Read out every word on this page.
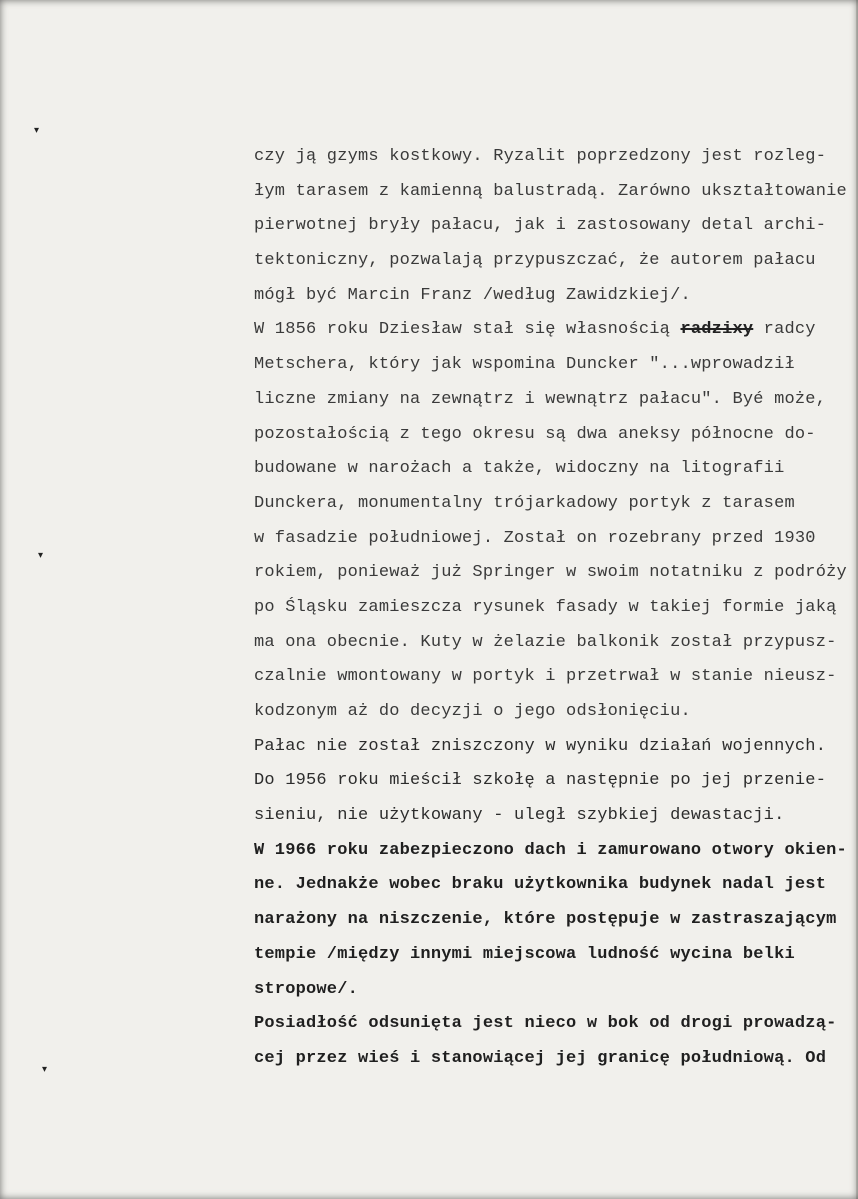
▾
▾
▾
czy ją gzyms kostkowy. Ryzalit poprzedzony jest rozleg-
łym tarasem z kamienną balustradą. Zarówno ukształtowanie
pierwotnej bryły pałacu, jak i zastosowany detal archi-
tektoniczny, pozwalają przypuszczać, że autorem pałacu
mógł być Marcin Franz /według Zawidzkiej/.
W 1856 roku Dziesław stał się własnością radzixy radcy
Metschera, który jak wspomina Duncker "...wprowadził
liczne zmiany na zewnątrz i wewnątrz pałacu". Byé może,
pozostałością z tego okresu są dwa aneksy północne do-
budowane w narożach a także, widoczny na litografii
Dunckera, monumentalny trójarkadowy portyk z tarasem
w fasadzie południowej. Został on rozebrany przed 1930
rokiem, ponieważ już Springer w swoim notatniku z podróży
po Śląsku zamieszcza rysunek fasady w takiej formie jaką
ma ona obecnie. Kuty w żelazie balkonik został przypusz-
czalnie wmontowany w portyk i przetrwał w stanie nieusz-
kodzonym aż do decyzji o jego odsłonięciu.
Pałac nie został zniszczony w wyniku działań wojennych.
Do 1956 roku mieścił szkołę a następnie po jej przenie-
sieniu, nie użytkowany - uległ szybkiej dewastacji.
W 1966 roku zabezpieczono dach i zamurowano otwory okien-
ne. Jednakże wobec braku użytkownika budynek nadal jest
narażony na niszczenie, które postępuje w zastraszającym
tempie /między innymi miejscowa ludność wycina belki
stropowe/.
Posiadłość odsunięta jest nieco w bok od drogi prowadzą-
cej przez wieś i stanowiącej jej granicę południową. Od
